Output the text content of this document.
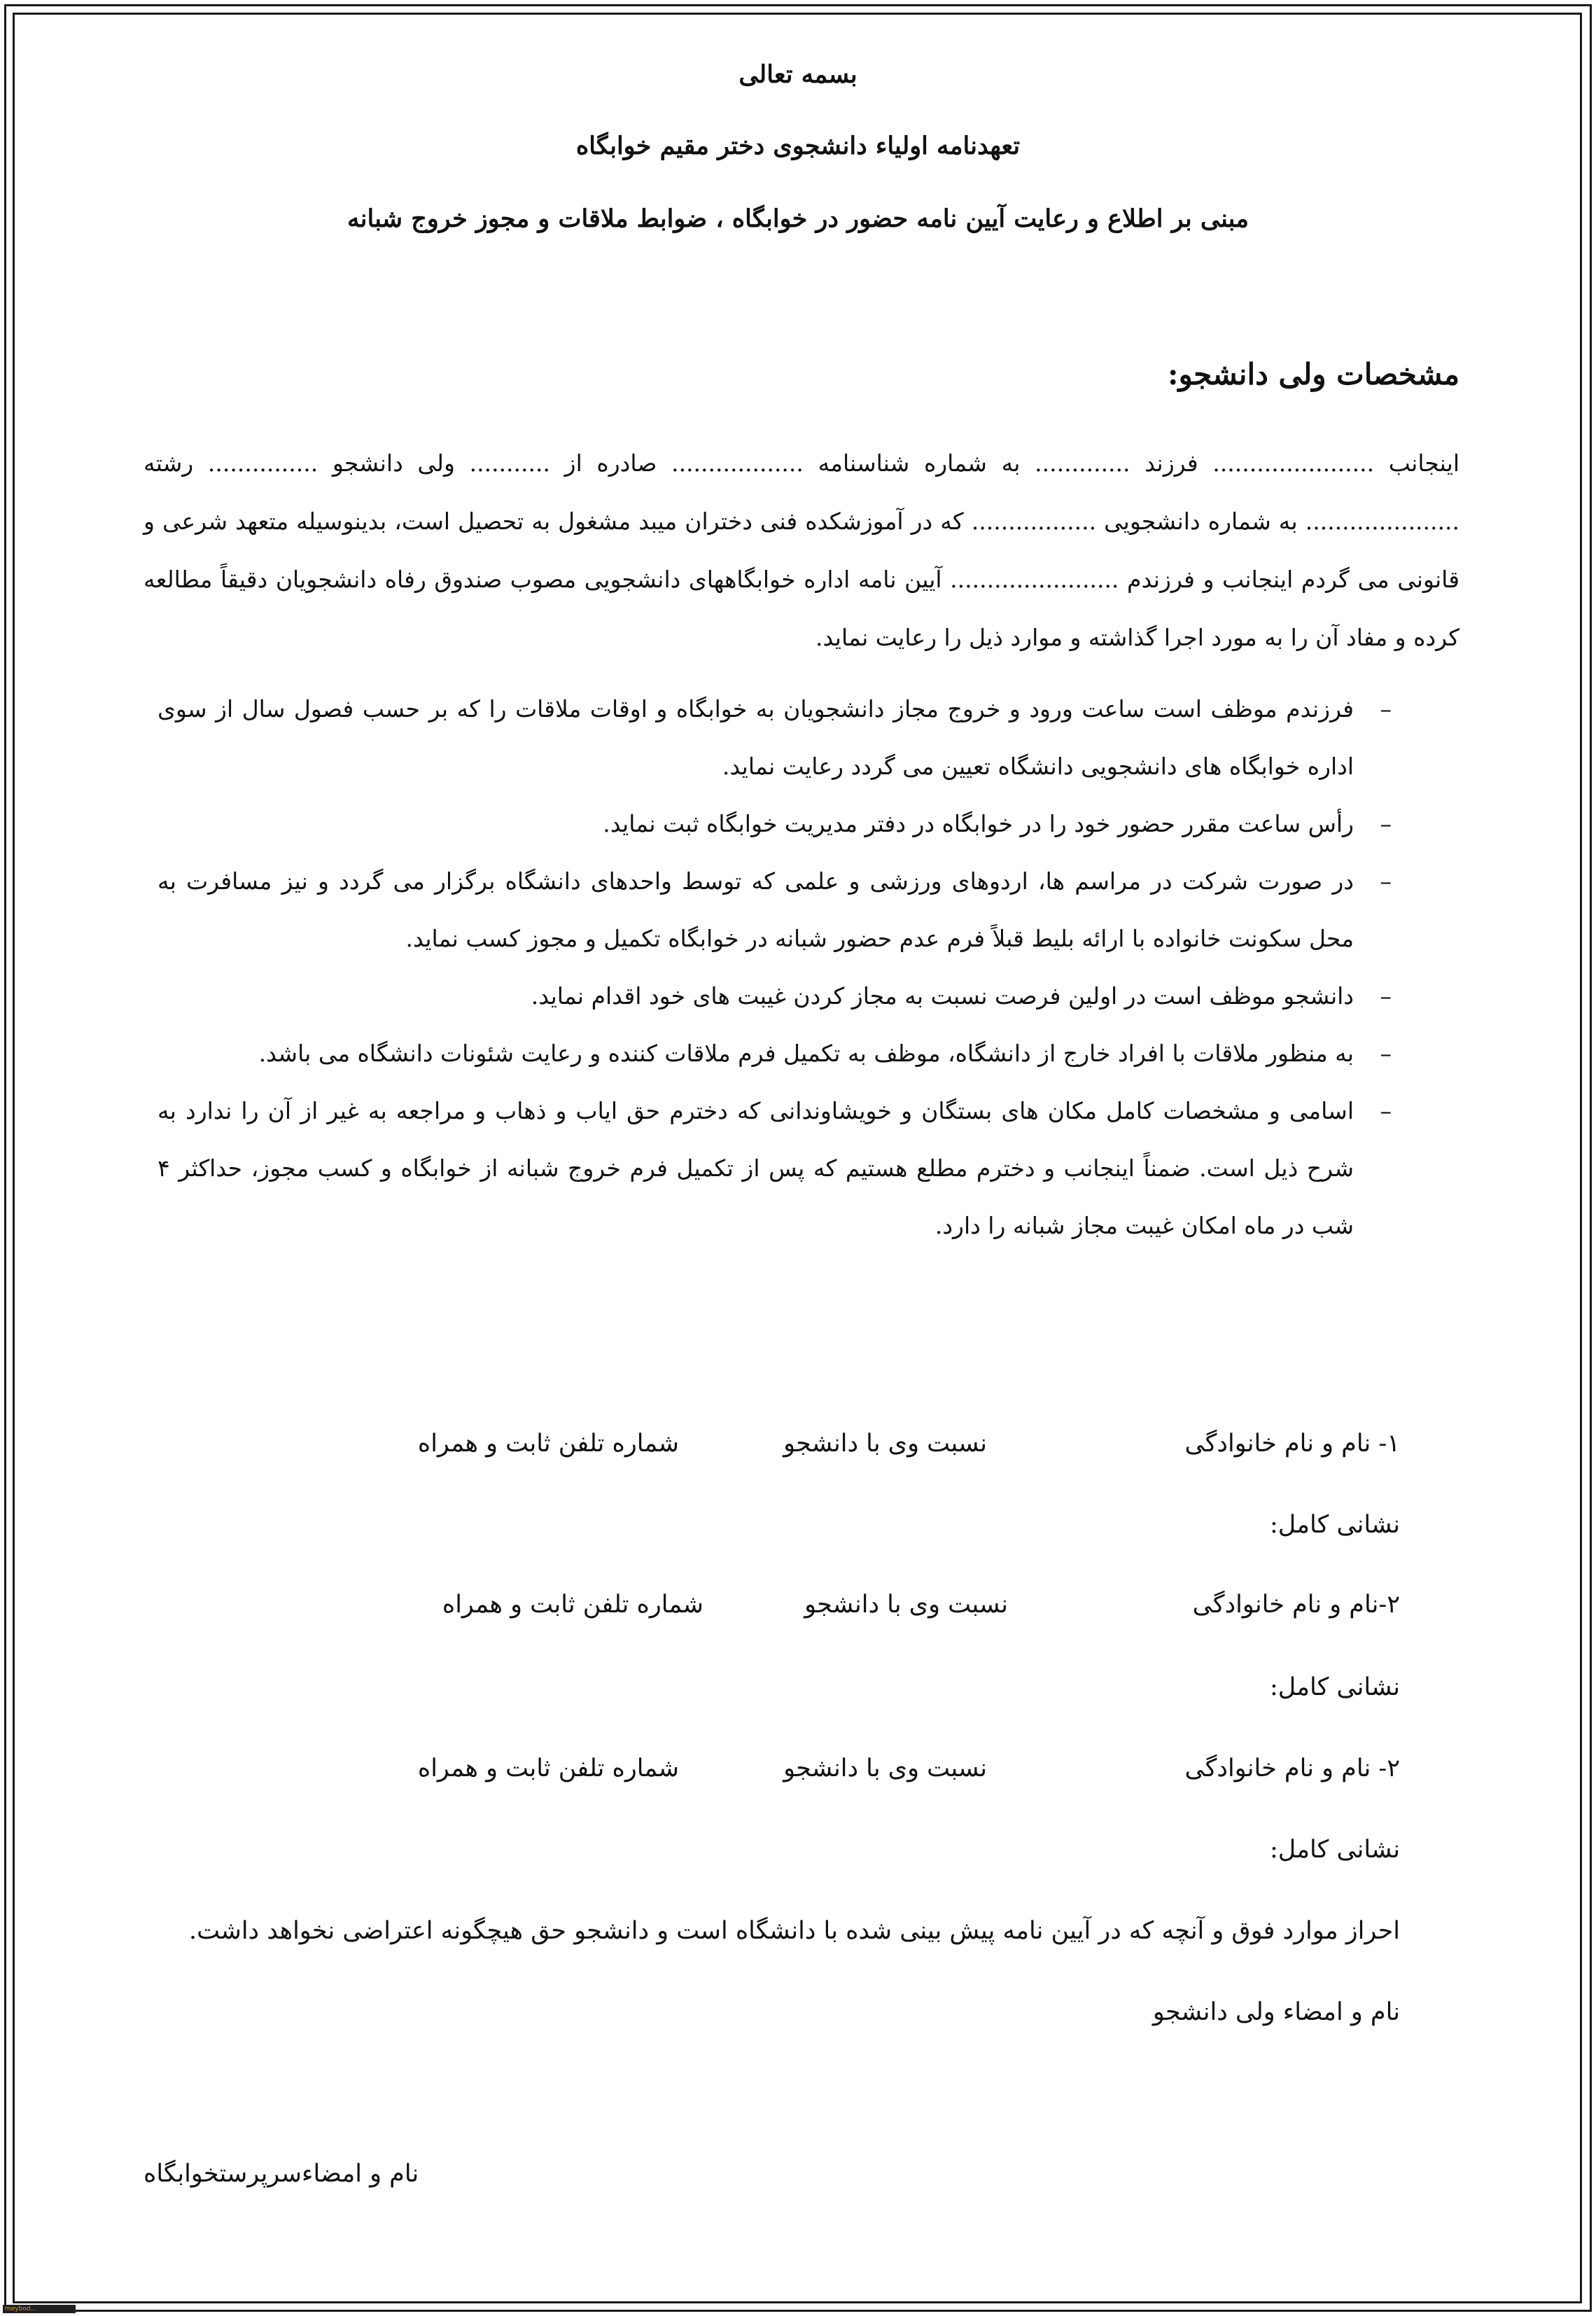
بسمه تعالی
تعهدنامه اولیاء دانشجوی دختر مقیم خوابگاه
مبنی بر اطلاع و رعایت آیین نامه حضور در خوابگاه ، ضوابط ملاقات و مجوز خروج شبانه
مشخصات ولی دانشجو:
اینجانب ...................... فرزند ............. به شماره شناسنامه .................. صادره از ........... ولی دانشجو ............... رشته ..................... به شماره دانشجویی ................. که در آموزشکده فنی دختران میبد مشغول به تحصیل است، بدینوسیله متعهد شرعی و قانونی می گردم اینجانب و فرزندم ....................... آیین نامه اداره خوابگاههای دانشجویی مصوب صندوق رفاه دانشجویان دقیقاً مطالعه کرده و مفاد آن را به مورد اجرا گذاشته و موارد ذیل را رعایت نماید.
–
فرزندم موظف است ساعت ورود و خروج مجاز دانشجویان به خوابگاه و اوقات ملاقات را که بر حسب فصول سال از سوی اداره خوابگاه های دانشجویی دانشگاه تعیین می گردد رعایت نماید.
–
رأس ساعت مقرر حضور خود را در خوابگاه در دفتر مدیریت خوابگاه ثبت نماید.
–
در صورت شرکت در مراسم ها، اردوهای ورزشی و علمی که توسط واحدهای دانشگاه برگزار می گردد و نیز مسافرت به محل سکونت خانواده با ارائه بلیط قبلاً فرم عدم حضور شبانه در خوابگاه تکمیل و مجوز کسب نماید.
–
دانشجو موظف است در اولین فرصت نسبت به مجاز کردن غیبت های خود اقدام نماید.
–
به منظور ملاقات با افراد خارج از دانشگاه، موظف به تکمیل فرم ملاقات کننده و رعایت شئونات دانشگاه می باشد.
–
اسامی و مشخصات کامل مکان های بستگان و خویشاوندانی که دخترم حق ایاب و ذهاب و مراجعه به غیر از آن را ندارد به شرح ذیل است. ضمناً اینجانب و دخترم مطلع هستیم که پس از تکمیل فرم خروج شبانه از خوابگاه و کسب مجوز، حداکثر ۴ شب در ماه امکان غیبت مجاز شبانه را دارد.
۱- نام و نام خانوادگی
نسبت وی با دانشجو
شماره تلفن ثابت و همراه
نشانی کامل:
۲-نام و نام خانوادگی
نسبت وی با دانشجو
شماره تلفن ثابت و همراه
نشانی کامل:
۲- نام و نام خانوادگی
نسبت وی با دانشجو
شماره تلفن ثابت و همراه
نشانی کامل:
احراز موارد فوق و آنچه که در آیین نامه پیش بینی شده با دانشگاه است و دانشجو حق هیچگونه اعتراضی نخواهد داشت.
نام و امضاء ولی دانشجو
نام و امضاءسرپرستخوابگاه
meybod...
